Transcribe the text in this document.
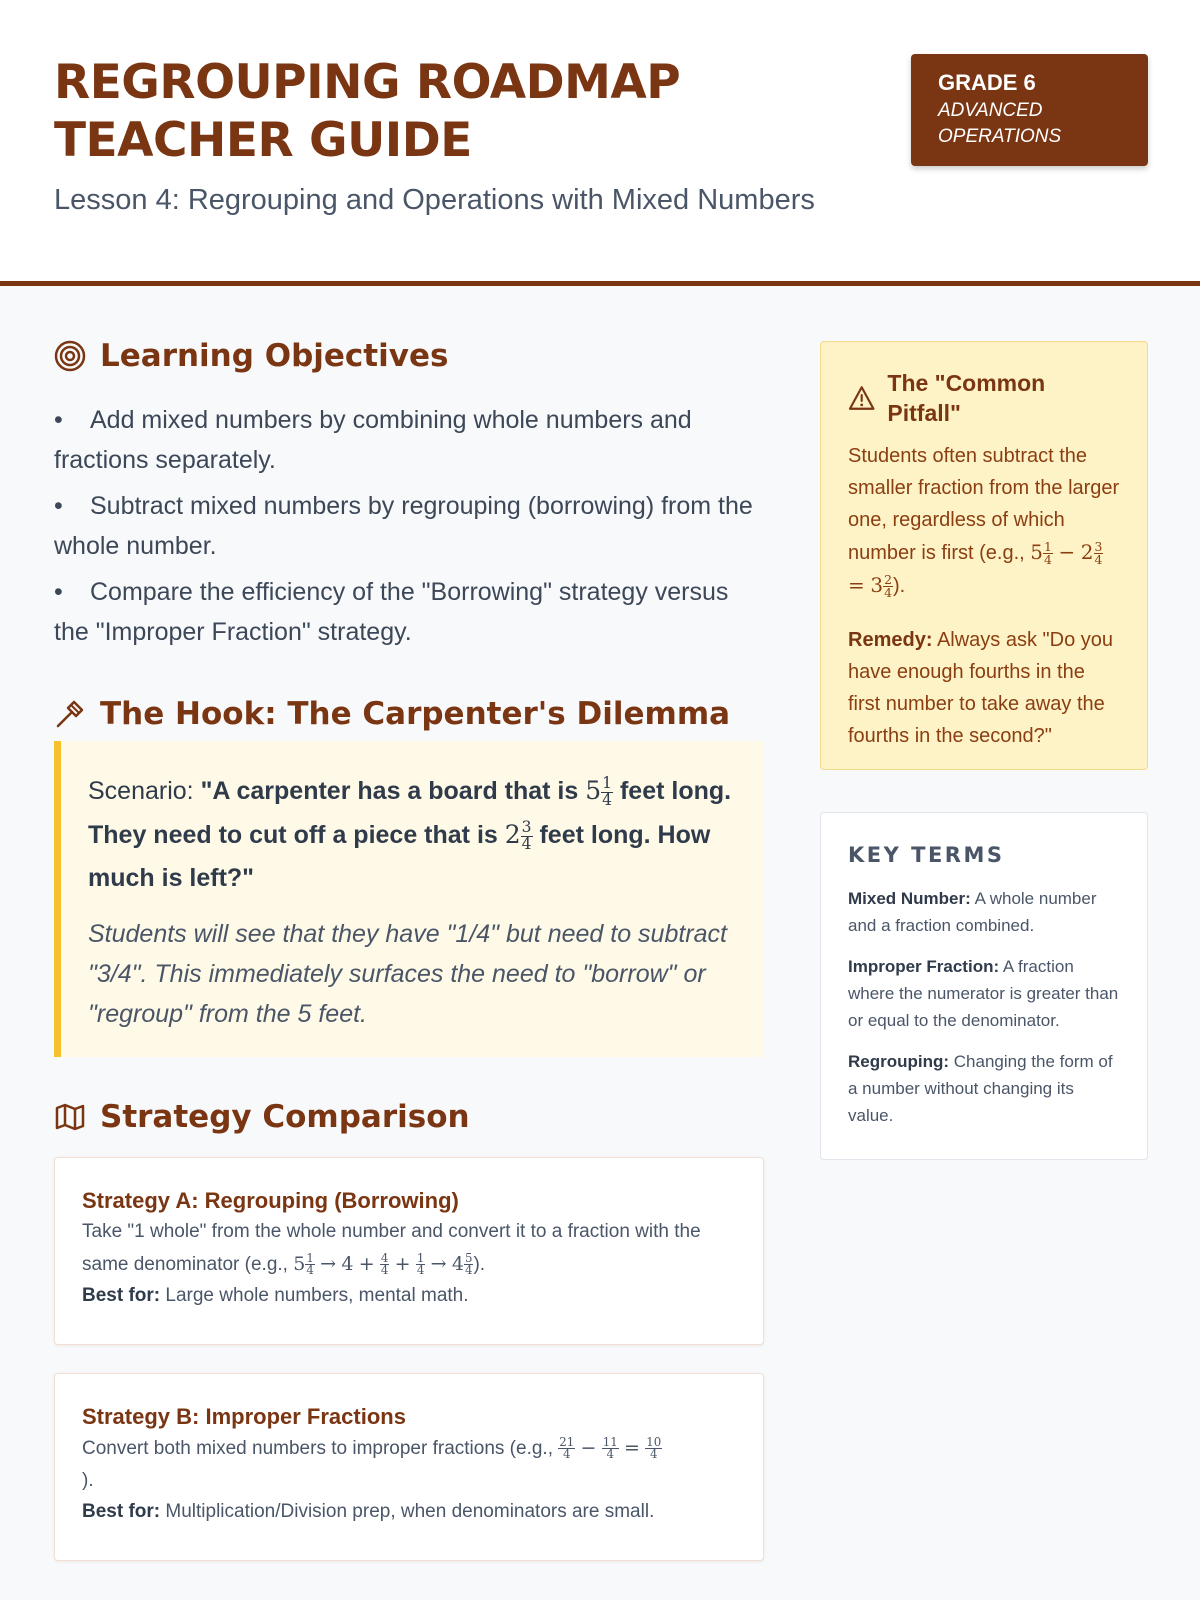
REGROUPING ROADMAP
TEACHER GUIDE
Lesson 4: Regrouping and Operations with Mixed Numbers
GRADE 6
ADVANCED OPERATIONS
Learning Objectives
• Add mixed numbers by combining whole numbers and fractions separately.
• Subtract mixed numbers by regrouping (borrowing) from the whole number.
• Compare the efficiency of the "Borrowing" strategy versus the "Improper Fraction" strategy.
The Hook: The Carpenter's Dilemma
Scenario: "A carpenter has a board that is $5 \frac{1}{4}$ feet long. They need to cut off a piece that is $2 \frac{3}{4}$ feet long. How much is left?"
Students will see that they have "1/4" but need to subtract "3/4". This immediately surfaces the need to "borrow" or "regroup" from the 5 feet.
Strategy Comparison
Strategy A: Regrouping (Borrowing)
Take "1 whole" from the whole number and convert it to a fraction with the same denominator (e.g., $5 \frac{1}{4} \to 4 + \frac{4}{4} + \frac{1}{4} \to 4 \frac{5}{4}$ ).
Best for: Large whole numbers, mental math.
Strategy B: Improper Fractions
Convert both mixed numbers to improper fractions (e.g., $\frac{21}{4} - \frac{11}{4} = \frac{10}{4}$

).
Best for: Multiplication/Division prep, when denominators are small.
The "Common Pitfall"
Students often subtract the smaller fraction from the larger one, regardless of which number is first (e.g., $5 \frac{1}{4} - 2 \frac{3}{4}$
= $3 \frac{2}{4}$ ).
Remedy: Always ask "Do you have enough fourths in the first number to take away the fourths in the second?"
KEY TERMS
Mixed Number: A whole number and a fraction combined.
Improper Fraction: A fraction where the numerator is greater than or equal to the denominator.
Regrouping: Changing the form of a number without changing its value.
